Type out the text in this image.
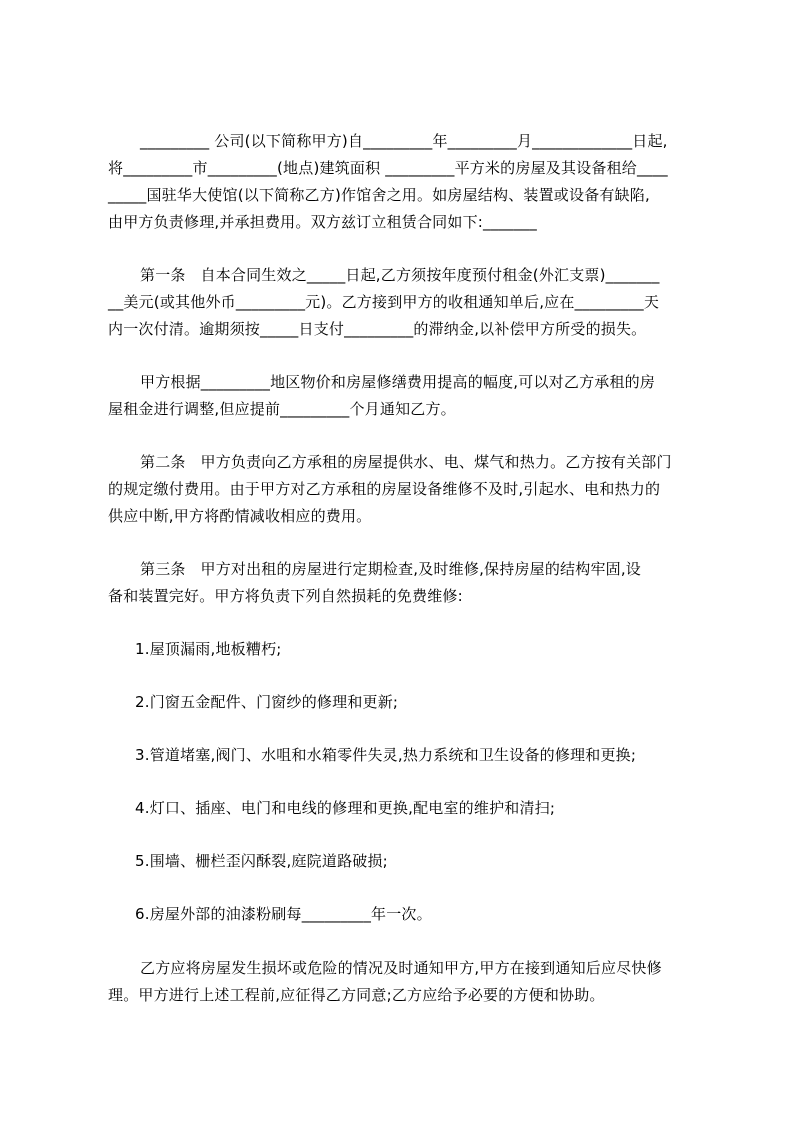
_________ 公司(以下简称甲方)自_________年_________月_____________日起,
将_________市_________(地点)建筑面积 _________平方米的房屋及其设备租给____
_____国驻华大使馆(以下简称乙方)作馆舍之用。如房屋结构、装置或设备有缺陷,
由甲方负责修理,并承担费用。双方兹订立租赁合同如下:_______
第一条   自本合同生效之_____日起,乙方须按年度预付租金(外汇支票)_______
__美元(或其他外币_________元)。乙方接到甲方的收租通知单后,应在_________天
内一次付清。逾期须按_____日支付_________的滞纳金,以补偿甲方所受的损失。
甲方根据_________地区物价和房屋修缮费用提高的幅度,可以对乙方承租的房
屋租金进行调整,但应提前_________个月通知乙方。
第二条   甲方负责向乙方承租的房屋提供水、电、煤气和热力。乙方按有关部门
的规定缴付费用。由于甲方对乙方承租的房屋设备维修不及时,引起水、电和热力的
供应中断,甲方将酌情减收相应的费用。
第三条   甲方对出租的房屋进行定期检查,及时维修,保持房屋的结构牢固,设
备和装置完好。甲方将负责下列自然损耗的免费维修:
1.屋顶漏雨,地板糟朽;
2.门窗五金配件、门窗纱的修理和更新;
3.管道堵塞,阀门、水咀和水箱零件失灵,热力系统和卫生设备的修理和更换;
4.灯口、插座、电门和电线的修理和更换,配电室的维护和清扫;
5.围墙、栅栏歪闪酥裂,庭院道路破损;
6.房屋外部的油漆粉刷每_________年一次。
乙方应将房屋发生损坏或危险的情况及时通知甲方,甲方在接到通知后应尽快修
理。甲方进行上述工程前,应征得乙方同意;乙方应给予必要的方便和协助。
